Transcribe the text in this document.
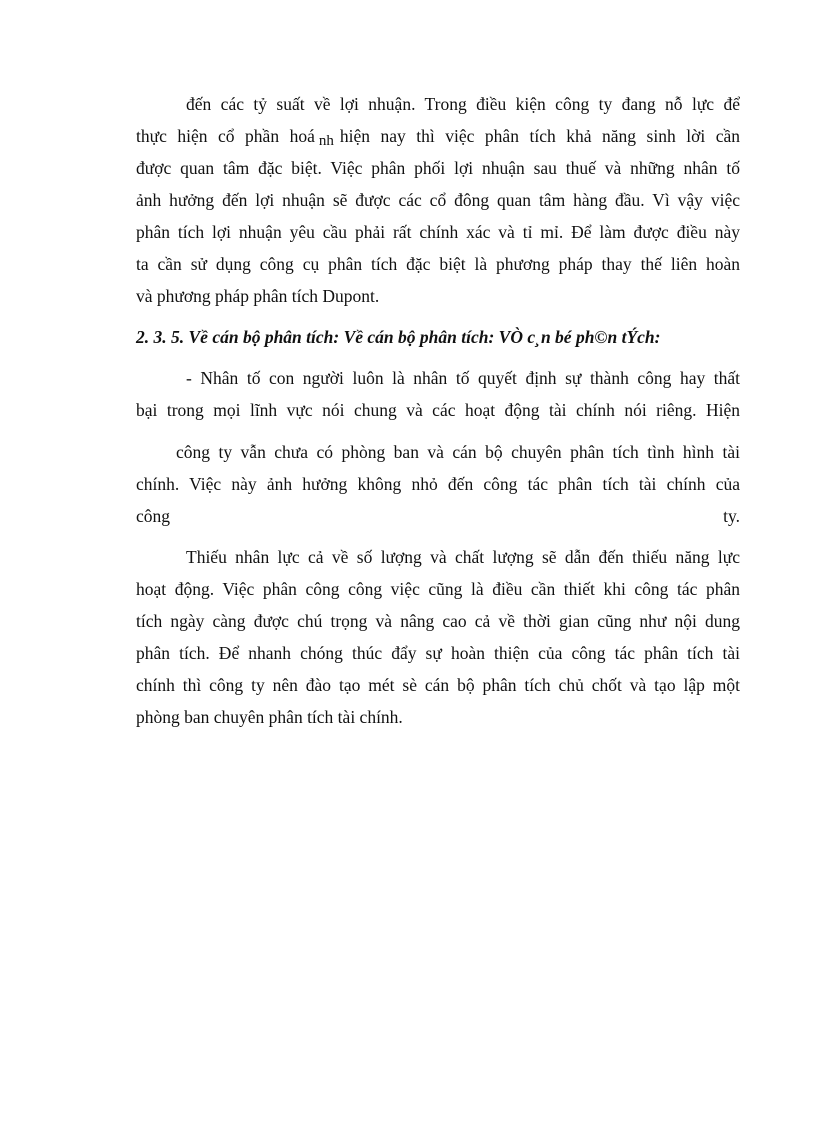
đến các tỷ suất về lợi nhuận. Trong điều kiện công ty đang nỗ lực để
thực hiện cổ phần hoá nh hiện nay thì việc phân tích khả năng sinh lời cần
được quan tâm đặc biệt. Việc phân phối lợi nhuận sau thuế và những nhân tố
ảnh hưởng đến lợi nhuận sẽ được các cổ đông quan tâm hàng đầu. Vì vậy việc
phân tích lợi nhuận yêu cầu phải rất chính xác và tỉ mỉ. Để làm được điều này
ta cần sử dụng công cụ phân tích đặc biệt là phương pháp thay thế liên hoàn
và phương pháp phân tích Dupont.
2. 3. 5. Về cán bộ phân tích: Về cán bộ phân tích: VÒ c¸n bé ph©n tÝch:
- Nhân tố con người luôn là nhân tố quyết định sự thành công hay thất
bại trong mọi lĩnh vực nói chung và các hoạt động tài chính nói riêng. Hiện
công ty vẫn chưa có phòng ban và cán bộ chuyên phân tích tình hình tài
chính. Việc này ảnh hưởng không nhỏ đến công tác phân tích tài chính của
công	ty.
Thiếu nhân lực cả về số lượng và chất lượng sẽ dẫn đến thiếu năng lực
hoạt động. Việc phân công công việc cũng là điều cần thiết khi công tác phân
tích ngày càng được chú trọng và nâng cao cả về thời gian cũng như nội dung
phân tích. Để nhanh chóng thúc đẩy sự hoàn thiện của công tác phân tích tài
chính thì công ty nên đào tạo mét sè cán bộ phân tích chủ chốt và tạo lập một
phòng ban chuyên phân tích tài chính.
